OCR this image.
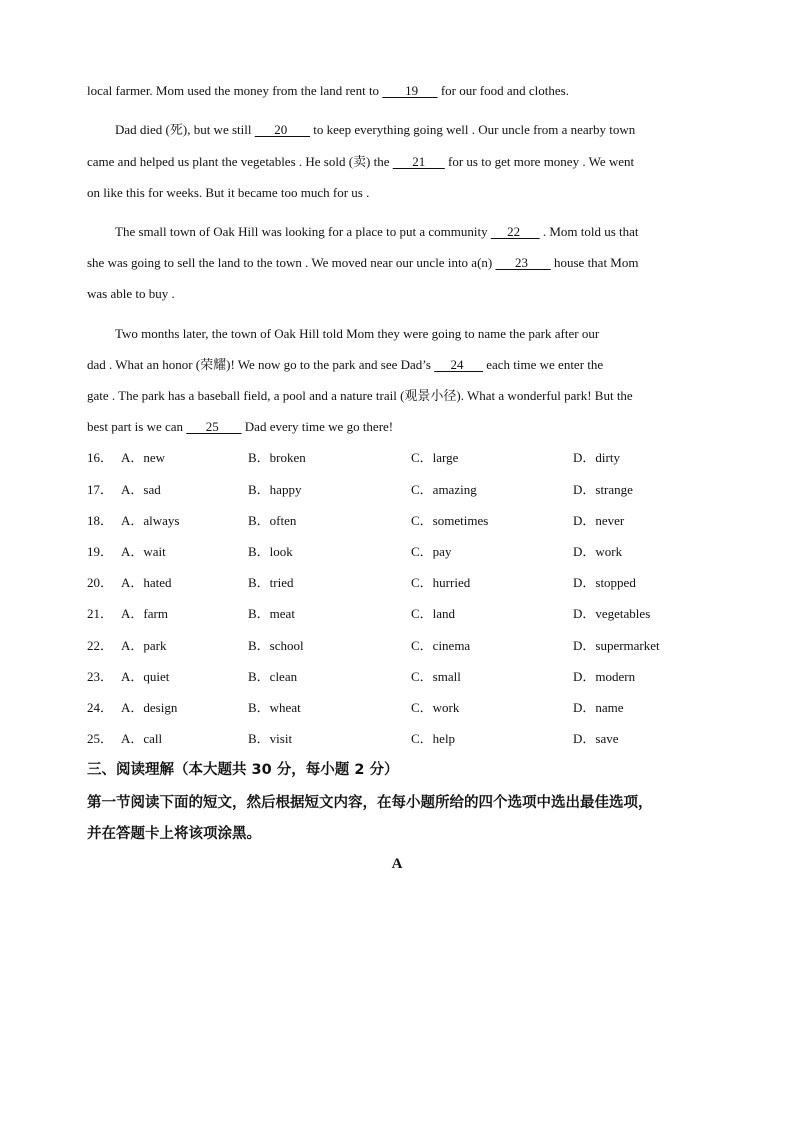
local farmer. Mom used the money from the land rent to        19       for our food and clothes.
Dad died (死), but we still       20        to keep everything going well . Our uncle from a nearby town
came and helped us plant the vegetables . He sold (卖) the       21       for us to get more money . We went
on like this for weeks. But it became too much for us .
The small town of Oak Hill was looking for a place to put a community      22       . Mom told us that
she was going to sell the land to the town . We moved near our uncle into a(n)       23        house that Mom
was able to buy .
Two months later, the town of Oak Hill told Mom they were going to name the park after our
dad . What an honor (荣耀)! We now go to the park and see Dad’s      24       each time we enter the
gate . The park has a baseball field, a pool and a nature trail (观景小径). What a wonderful park! But the
best part is we can       25        Dad every time we go there!
16． A．new	B．broken	C．large	D．dirty
17． A．sad	B．happy	C．amazing	D．strange
18． A．always	B．often	C．sometimes	D．never
19． A．wait	B．look	C．pay	D．work
20． A．hated	B．tried	C．hurried	D．stopped
21． A．farm	B．meat	C．land	D．vegetables
22． A．park	B．school	C．cinema	D．supermarket
23． A．quiet	B．clean	C．small	D．modern
24． A．design	B．wheat	C．work	D．name
25． A．call	B．visit	C．help	D．save
三、阅读理解（本大题共 30 分，每小题 2 分）
第一节阅读下面的短文，然后根据短文内容，在每小题所给的四个选项中选出最佳选项，
并在答题卡上将该项涂黑。
A
